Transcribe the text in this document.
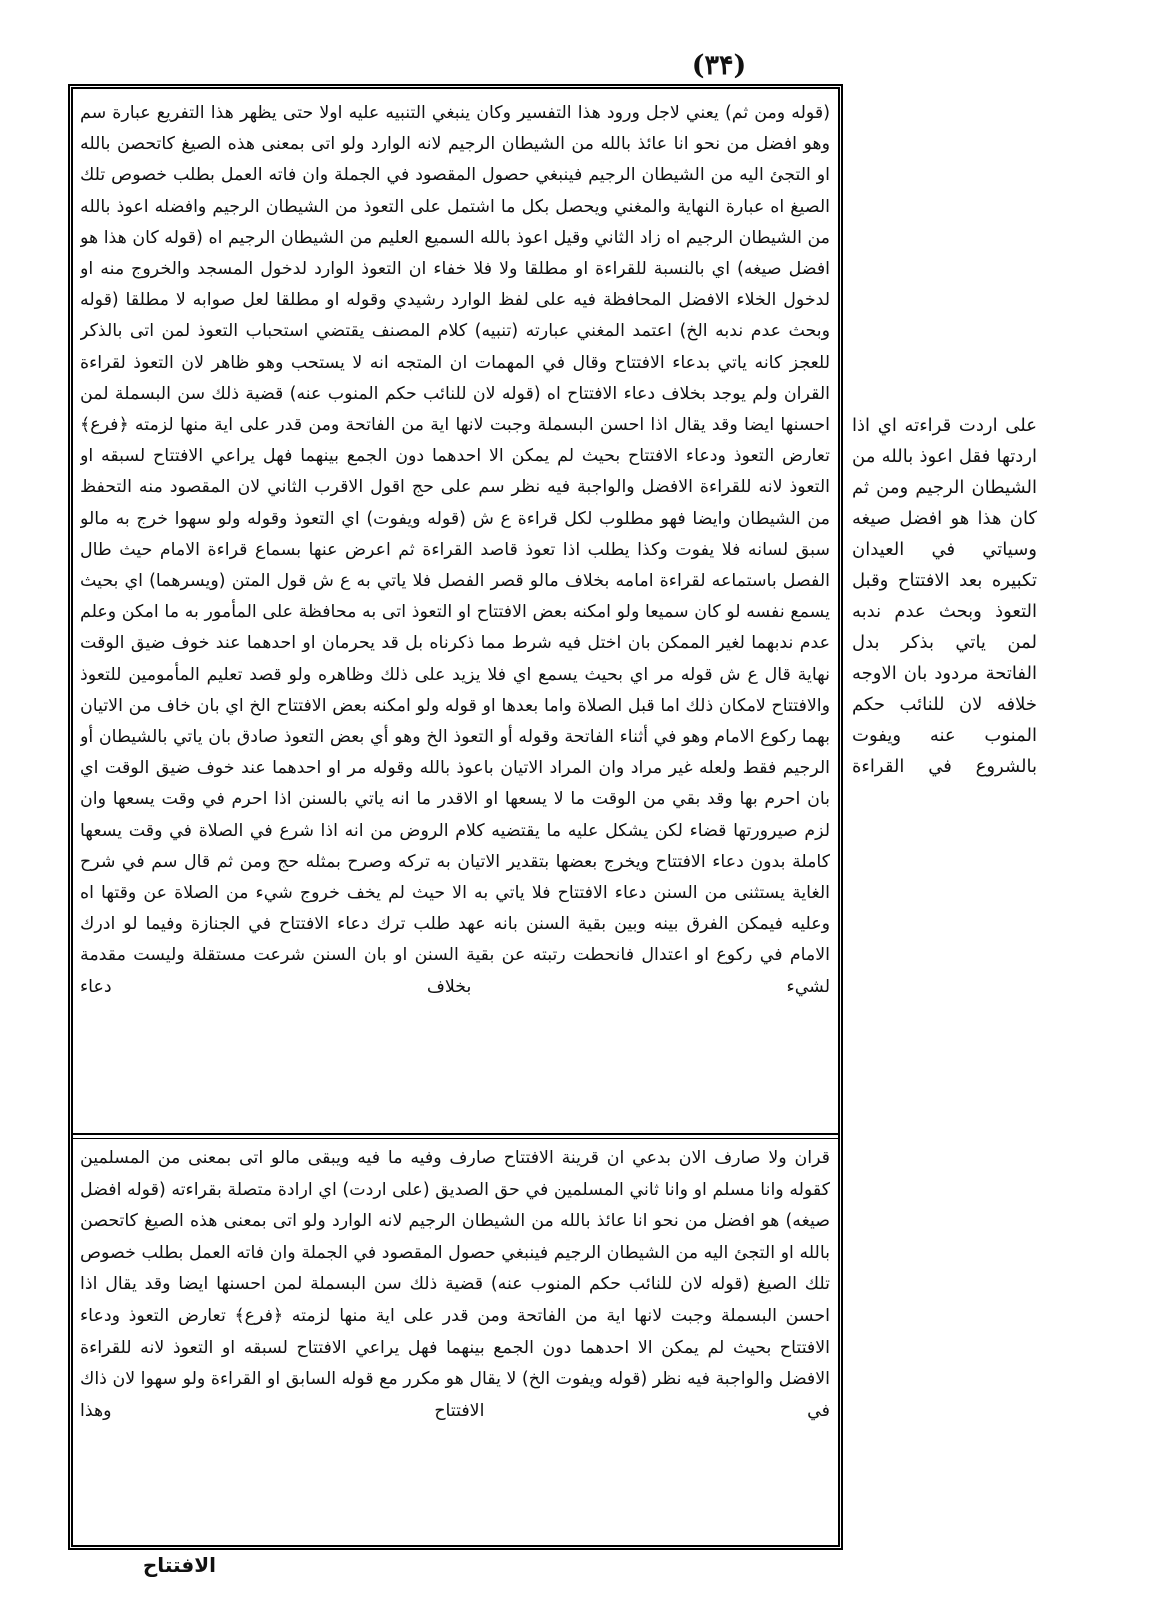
(۳۴)
(قوله ومن ثم) يعني لاجل ورود هذا التفسير وكان ينبغي التنبيه عليه اولا حتى يظهر هذا التفريع عبارة سم وهو افضل من نحو انا عائذ بالله من الشيطان الرجيم لانه الوارد ولو اتى بمعنى هذه الصيغ كاتحصن بالله او التجئ اليه من الشيطان الرجيم فينبغي حصول المقصود في الجملة وان فاته العمل بطلب خصوص تلك الصيغ اه عبارة النهاية والمغني ويحصل بكل ما اشتمل على التعوذ من الشيطان الرجيم وافضله اعوذ بالله من الشيطان الرجيم اه زاد الثاني وقيل اعوذ بالله السميع العليم من الشيطان الرجيم اه (قوله كان هذا هو افضل صيغه) اي بالنسبة للقراءة او مطلقا ولا فلا خفاء ان التعوذ الوارد لدخول المسجد والخروج منه او لدخول الخلاء الافضل المحافظة فيه على لفظ الوارد رشيدي وقوله او مطلقا لعل صوابه لا مطلقا (قوله وبحث عدم ندبه الخ) اعتمد المغني عبارته (تنبيه) كلام المصنف يقتضي استحباب التعوذ لمن اتى بالذكر للعجز كانه ياتي بدعاء الافتتاح وقال في المهمات ان المتجه انه لا يستحب وهو ظاهر لان التعوذ لقراءة القران ولم يوجد بخلاف دعاء الافتتاح اه (قوله لان للنائب حكم المنوب عنه) قضية ذلك سن البسملة لمن احسنها ايضا وقد يقال اذا احسن البسملة وجبت لانها اية من الفاتحة ومن قدر على اية منها لزمته ﴿فرع﴾ تعارض التعوذ ودعاء الافتتاح بحيث لم يمكن الا احدهما دون الجمع بينهما فهل يراعي الافتتاح لسبقه او التعوذ لانه للقراءة الافضل والواجبة فيه نظر سم على حج اقول الاقرب الثاني لان المقصود منه التحفظ من الشيطان وايضا فهو مطلوب لكل قراءة ع ش (قوله ويفوت) اي التعوذ وقوله ولو سهوا خرج به مالو سبق لسانه فلا يفوت وكذا يطلب اذا تعوذ قاصد القراءة ثم اعرض عنها بسماع قراءة الامام حيث طال الفصل باستماعه لقراءة امامه بخلاف مالو قصر الفصل فلا ياتي به ع ش قول المتن (ويسرهما) اي بحيث يسمع نفسه لو كان سميعا ولو امكنه بعض الافتتاح او التعوذ اتى به محافظة على المأمور به ما امكن وعلم عدم ندبهما لغير الممكن بان اختل فيه شرط مما ذكرناه بل قد يحرمان او احدهما عند خوف ضيق الوقت نهاية قال ع ش قوله مر اي بحيث يسمع اي فلا يزيد على ذلك وظاهره ولو قصد تعليم المأمومين للتعوذ والافتتاح لامكان ذلك اما قبل الصلاة واما بعدها او قوله ولو امكنه بعض الافتتاح الخ اي بان خاف من الاتيان بهما ركوع الامام وهو في أثناء الفاتحة وقوله أو التعوذ الخ وهو أي بعض التعوذ صادق بان ياتي بالشيطان أو الرجيم فقط ولعله غير مراد وان المراد الاتيان باعوذ بالله وقوله مر او احدهما عند خوف ضيق الوقت اي بان احرم بها وقد بقي من الوقت ما لا يسعها او الاقدر ما انه ياتي بالسنن اذا احرم في وقت يسعها وان لزم صيرورتها قضاء لكن يشكل عليه ما يقتضيه كلام الروض من انه اذا شرع في الصلاة في وقت يسعها كاملة بدون دعاء الافتتاح ويخرج بعضها بتقدير الاتيان به تركه وصرح بمثله حج ومن ثم قال سم في شرح الغاية يستثنى من السنن دعاء الافتتاح فلا ياتي به الا حيث لم يخف خروج شيء من الصلاة عن وقتها اه وعليه فيمكن الفرق بينه وبين بقية السنن بانه عهد طلب ترك دعاء الافتتاح في الجنازة وفيما لو ادرك الامام في ركوع او اعتدال فانحطت رتبته عن بقية السنن او بان السنن شرعت مستقلة وليست مقدمة لشيء بخلاف دعاء
قران ولا صارف الان بدعي ان قرينة الافتتاح صارف وفيه ما فيه ويبقى مالو اتى بمعنى من المسلمين كقوله وانا مسلم او وانا ثاني المسلمين في حق الصديق (على اردت) اي ارادة متصلة بقراءته (قوله افضل صيغه) هو افضل من نحو انا عائذ بالله من الشيطان الرجيم لانه الوارد ولو اتى بمعنى هذه الصيغ كاتحصن بالله او التجئ اليه من الشيطان الرجيم فينبغي حصول المقصود في الجملة وان فاته العمل بطلب خصوص تلك الصيغ (قوله لان للنائب حكم المنوب عنه) قضية ذلك سن البسملة لمن احسنها ايضا وقد يقال اذا احسن البسملة وجبت لانها اية من الفاتحة ومن قدر على اية منها لزمته ﴿فرع﴾ تعارض التعوذ ودعاء الافتتاح بحيث لم يمكن الا احدهما دون الجمع بينهما فهل يراعي الافتتاح لسبقه او التعوذ لانه للقراءة الافضل والواجبة فيه نظر (قوله ويفوت الخ) لا يقال هو مكرر مع قوله السابق او القراءة ولو سهوا لان ذاك في الافتتاح وهذا
على اردت قراءته اي اذا اردتها فقل اعوذ بالله من الشيطان الرجيم ومن ثم كان هذا هو افضل صيغه وسياتي في العيدان تكبيره بعد الافتتاح وقبل التعوذ وبحث عدم ندبه لمن ياتي بذكر بدل الفاتحة مردود بان الاوجه خلافه لان للنائب حكم المنوب عنه ويفوت بالشروع في القراءة
الافتتاح
